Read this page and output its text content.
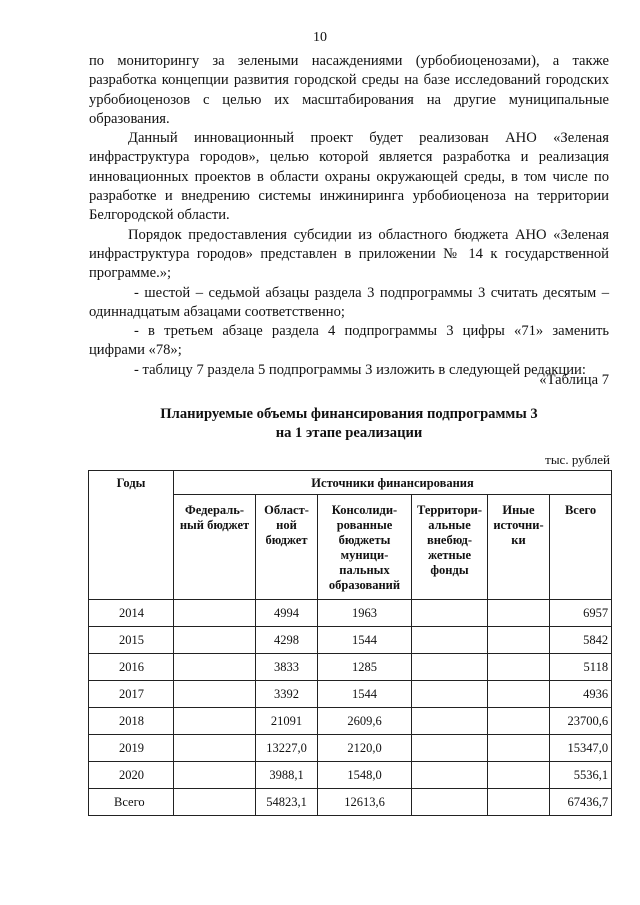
10

по мониторингу за зелеными насаждениями (урбобиоценозами), а также разработка концепции развития городской среды на базе исследований городских урбобиоценозов с целью их масштабирования на другие муниципальные образования.

Данный инновационный проект будет реализован АНО «Зеленая инфраструктура городов», целью которой является разработка и реализация инновационных проектов в области охраны окружающей среды, в том числе по разработке и внедрению системы инжиниринга урбобиоценоза на территории Белгородской области.

Порядок предоставления субсидии из областного бюджета АНО «Зеленая инфраструктура городов» представлен в приложении № 14 к государственной программе.»;

- шестой – седьмой абзацы раздела 3 подпрограммы 3 считать десятым – одиннадцатым абзацами соответственно;

- в третьем абзаце раздела 4 подпрограммы 3 цифры «71» заменить цифрами «78»;

- таблицу 7 раздела 5 подпрограммы 3 изложить в следующей редакции:

«Таблица 7
Планируемые объемы финансирования подпрограммы 3
на 1 этапе реализации
тыс. рублей
Годы	Источники финансирования					
	Федераль-ный бюджет	Област-ной бюджет	Консолиди-рованные бюджеты муници-пальных образований	Территори-альные внебюд-жетные фонды	Иные источни-ки	Всего
2014		4994	1963			6957
2015		4298	1544			5842
2016		3833	1285			5118
2017		3392	1544			4936
2018		21091	2609,6			23700,6
2019		13227,0	2120,0			15347,0
2020		3988,1	1548,0			5536,1
Всего		54823,1	12613,6			67436,7
